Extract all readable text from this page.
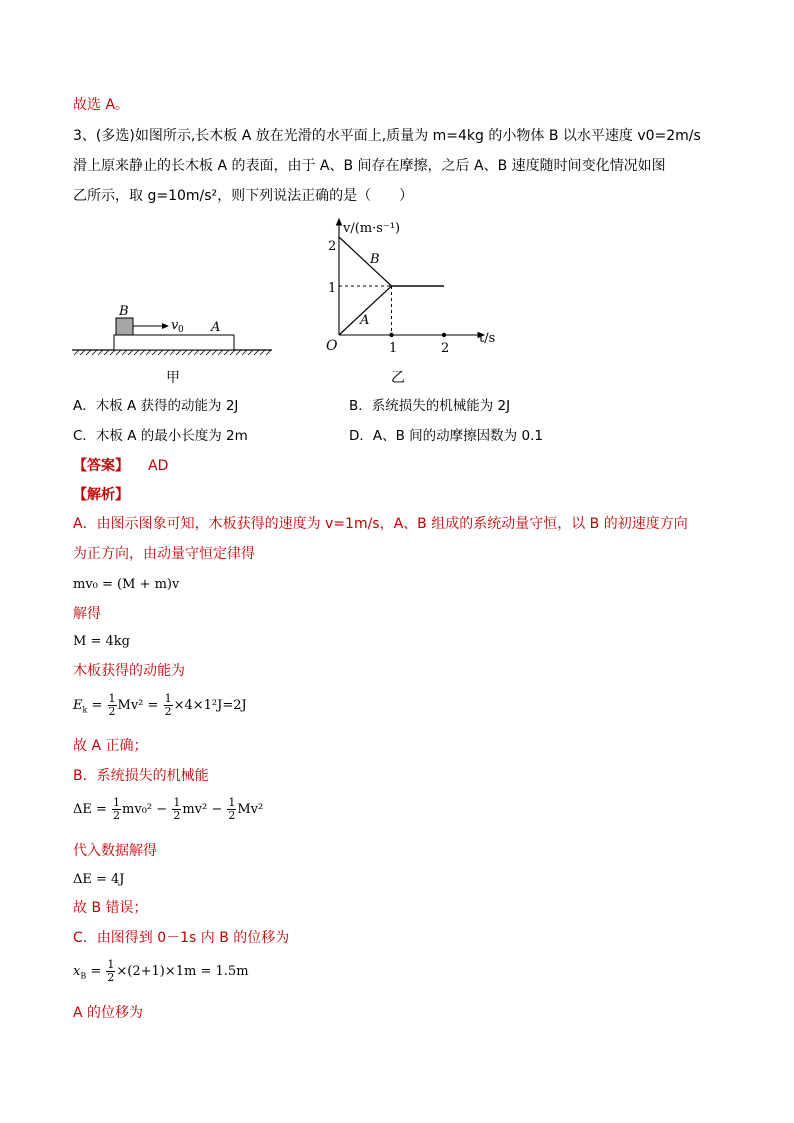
故选 A。
3、(多选)如图所示,长木板 A 放在光滑的水平面上,质量为 m=4kg 的小物体 B 以水平速度 v0=2m/s
滑上原来静止的长木板 A 的表面，由于 A、B 间存在摩擦，之后 A、B 速度随时间变化情况如图
乙所示，取 g=10m/s²，则下列说法正确的是（　　）
B
v 0 A
甲
v/(m·s⁻¹)
t/s
O
2
1
1	2
B
A
乙
A．木板 A 获得的动能为 2J	B．系统损失的机械能为 2J
C．木板 A 的最小长度为 2m	D．A、B 间的动摩擦因数为 0.1
【答案】 AD
【解析】
A．由图示图象可知，木板获得的速度为 v=1m/s，A、B 组成的系统动量守恒，以 B 的初速度方向
为正方向，由动量守恒定律得
mv₀ = (M + m)v
解得
M = 4kg
木板获得的动能为
$E_k = \frac{1}{2} Mv^2 = \frac{1}{2} \times 4\times 1^2J=2J$
故 A 正确；
B．系统损失的机械能
$\Delta E = \frac{1}{2} mv_0^2 - \frac{1}{2} mv^2 - \frac{1}{2} Mv^2$
代入数据解得
ΔE = 4J
故 B 错误；
C．由图得到 0－1s 内 B 的位移为
$x_B = \frac{1}{2} \times(2+1)\times 1m = 1.5m$
A 的位移为
